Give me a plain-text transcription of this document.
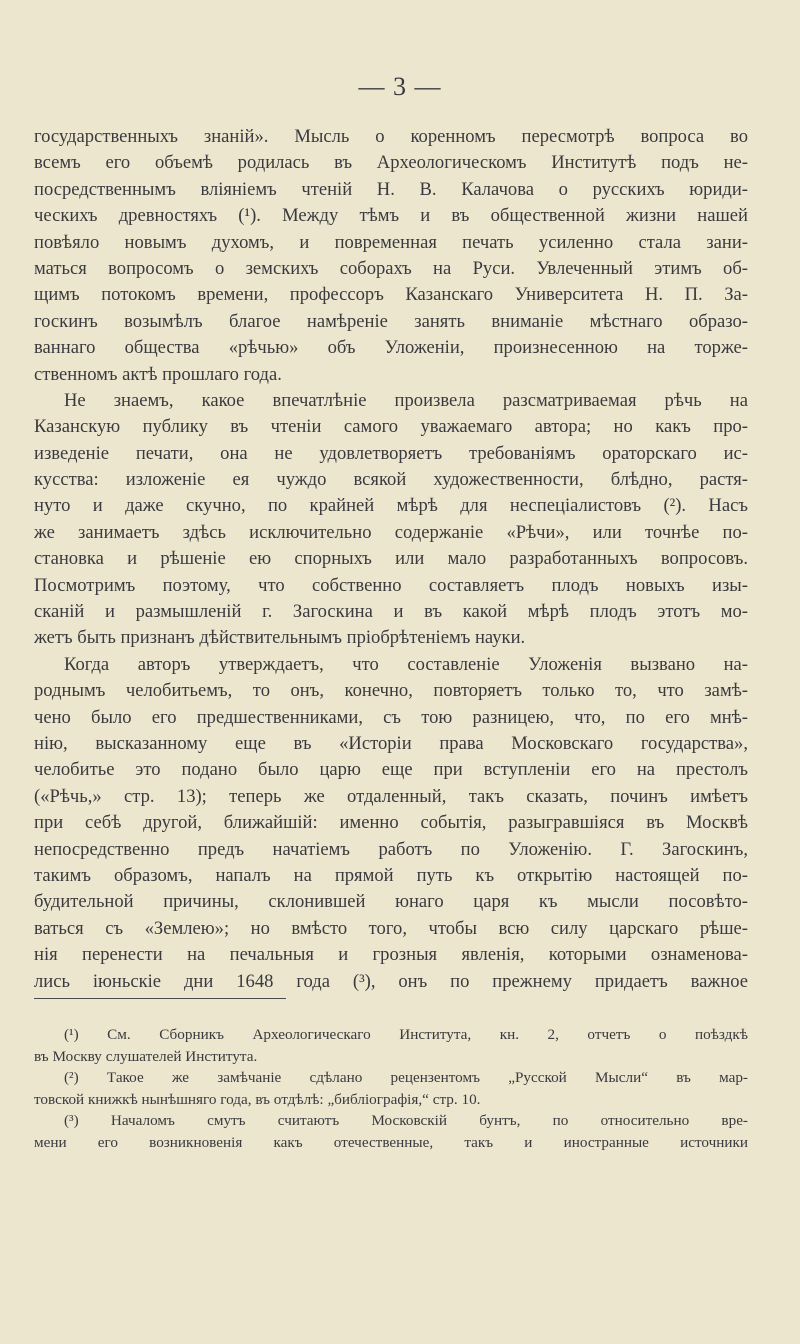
— 3 —
государственныхъ знаній». Мысль о коренномъ пересмотрѣ вопроса во
всемъ его объемѣ родилась въ Археологическомъ Институтѣ подъ не-
посредственнымъ вліяніемъ чтеній Н. В. Калачова о русскихъ юриди-
ческихъ древностяхъ (¹). Между тѣмъ и въ общественной жизни нашей
повѣяло новымъ духомъ, и повременная печать усиленно стала зани-
маться вопросомъ о земскихъ соборахъ на Руси. Увлеченный этимъ об-
щимъ потокомъ времени, профессоръ Казанскаго Университета Н. П. За-
госкинъ возымѣлъ благое намѣреніе занять вниманіе мѣстнаго образо-
ваннаго общества «рѣчью» объ Уложеніи, произнесенною на торже-
ственномъ актѣ прошлаго года.
Не знаемъ, какое впечатлѣніе произвела разсматриваемая рѣчь на
Казанскую публику въ чтеніи самого уважаемаго автора; но какъ про-
изведеніе печати, она не удовлетворяетъ требованіямъ ораторскаго ис-
кусства: изложеніе ея чуждо всякой художественности, блѣдно, растя-
нуто и даже скучно, по крайней мѣрѣ для неспеціалистовъ (²). Насъ
же занимаетъ здѣсь исключительно содержаніе «Рѣчи», или точнѣе по-
становка и рѣшеніе ею спорныхъ или мало разработанныхъ вопросовъ.
Посмотримъ поэтому, что собственно составляетъ плодъ новыхъ изы-
сканій и размышленій г. Загоскина и въ какой мѣрѣ плодъ этотъ мо-
жетъ быть признанъ дѣйствительнымъ пріобрѣтеніемъ науки.
Когда авторъ утверждаетъ, что составленіе Уложенія вызвано на-
роднымъ челобитьемъ, то онъ, конечно, повторяетъ только то, что замѣ-
чено было его предшественниками, съ тою разницею, что, по его мнѣ-
нію, высказанному еще въ «Исторіи права Московскаго государства»,
челобитье это подано было царю еще при вступленіи его на престолъ
(«Рѣчь,» стр. 13); теперь же отдаленный, такъ сказать, починъ имѣетъ
при себѣ другой, ближайшій: именно событія, разыгравшіяся въ Москвѣ
непосредственно предъ начатіемъ работъ по Уложенію. Г. Загоскинъ,
такимъ образомъ, напалъ на прямой путь къ открытію настоящей по-
будительной причины, склонившей юнаго царя къ мысли посовѣто-
ваться съ «Землею»; но вмѣсто того, чтобы всю силу царскаго рѣше-
нія перенести на печальныя и грозныя явленія, которыми ознаменова-
лись іюньскіе дни 1648 года (³), онъ по прежнему придаетъ важное
(¹) См. Сборникъ Археологическаго Института, кн. 2, отчетъ о поѣздкѣ
въ Москву слушателей Института.
(²) Такое же замѣчаніе сдѣлано рецензентомъ „Русской Мысли“ въ мар-
товской книжкѣ нынѣшняго года, въ отдѣлѣ: „библіографія,“ стр. 10.
(³) Началомъ смутъ считаютъ Московскій бунтъ, по относительно вре-
мени его возникновенія какъ отечественные, такъ и иностранные источники
